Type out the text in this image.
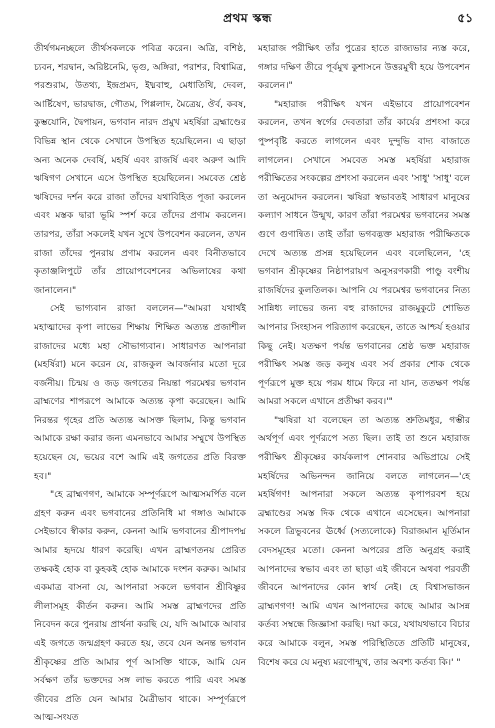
প্রথম স্কন্ধ	৫১

তীর্থগমনচ্ছলে তীর্থসকলকে পবিত্র করেন। অত্রি, বশিষ্ঠ, চ্যবন, শরদ্বান, অরিষ্টনেমি, ভৃগু, অঙ্গিরা, পরাশর, বিশ্বামিত্র, পরশুরাম, উতথ্য, ইন্দ্রপ্রমদ, ইধ্মবাহু, মেধাতিথি, দেবল, আর্ষ্টিষেণ, ভারদ্বাজ, গৌতম, পিপ্পলাদ, মৈত্রেয়, ঔর্ব, কবষ, কুম্ভযোনি, দ্বৈপায়ন, ভগবান নারদ প্রমুখ মহর্ষিরা ব্রহ্মাণ্ডের বিভিন্ন স্থান থেকে সেখানে উপস্থিত হয়েছিলেন। এ ছাড়া অন্য অনেক দেবর্ষি, মহর্ষি এবং রাজর্ষি এবং অরুণ আদি ঋষিগণ সেখানে এসে উপস্থিত হয়েছিলেন। সমবেত শ্রেষ্ঠ ঋষিদের দর্শন করে রাজা তাঁদের যথাবিহিত পূজা করলেন এবং মস্তক দ্বারা ভূমি স্পর্শ করে তাঁদের প্রণাম করলেন। তারপর, তাঁরা সকলেই যখন সুখে উপবেশন করলেন, তখন রাজা তাঁদের পুনরায় প্রণাম করলেন এবং বিনীতভাবে কৃতাঞ্জলিপুটে তাঁর প্রায়োপবেশনের অভিলাষের কথা জানালেন।"

সেই ভাগ্যবান রাজা বললেন—"আমরা যথার্থই মহাত্মাদের কৃপা লাভের শিক্ষায় শিক্ষিত অত্যন্ত প্রজাশীল রাজাদের মধ্যে মহা সৌভাগ্যবান। সাধারণত আপনারা (মহর্ষিরা) মনে করেন যে, রাজকুল আবর্জনার মতো দূরে বর্জনীয়। চিন্ময় ও জড় জগতের নিয়ন্তা পরমেশ্বর ভগবান ব্রাহ্মণের শাপরূপে আমাকে অত্যন্ত কৃপা করেছেন। আমি নিরন্তর গৃহের প্রতি অত্যন্ত আসক্ত ছিলাম, কিন্তু ভগবান আমাকে রক্ষা করার জন্য এমনভাবে আমার সম্মুখে উপস্থিত হয়েছেন যে, ভয়ের বশে আমি এই জগতের প্রতি বিরক্ত হব।"

"হে ব্রাহ্মণগণ, আমাকে সম্পূর্ণরূপে আত্মসমর্পিত বলে গ্রহণ করুন এবং ভগবানের প্রতিনিধি মা গঙ্গাও আমাকে সেইভাবে স্বীকার করুন, কেননা আমি ভগবানের শ্রীপাদপদ্ম আমার হৃদয়ে ধারণ করেছি। এখন ব্রাহ্মণতনয় প্রেরিত তক্ষকই হোক বা কুহকই হোক আমাকে দংশন করুক। আমার একমাত্র বাসনা যে, আপনারা সকলে ভগবান শ্রীবিষ্ণুর লীলাসমূহ কীর্তন করুন। আমি সমস্ত ব্রাহ্মণদের প্রতি নিবেদন করে পুনরায় প্রার্থনা করছি যে, যদি আমাকে আবার এই জগতে জন্মগ্রহণ করতে হয়, তবে যেন অনন্ত ভগবান শ্রীকৃষ্ণের প্রতি আমার পূর্ণ আসক্তি থাকে, আমি যেন সর্বক্ষণ তাঁর ভক্তদের সঙ্গ লাভ করতে পারি এবং সমস্ত জীবের প্রতি যেন আমার মৈত্রীভাব থাকে। সম্পূর্ণরূপে আত্ম-সংযত

মহারাজ পরীক্ষিৎ তাঁর পুত্রের হাতে রাজ্যভার ন্যস্ত করে, গঙ্গার দক্ষিণ তীরে পূর্বমুখ কুশাসনে উত্তরমুখী হয়ে উপবেশন করলেন।"

"মহারাজ পরীক্ষিৎ যখন এইভাবে প্রায়োপবেশন করলেন, তখন স্বর্গের দেবতারা তাঁর কার্যের প্রশংসা করে পুষ্পবৃষ্টি করতে লাগলেন এবং দুন্দুভি বাদ্য বাজাতে লাগলেন। সেখানে সমবেত সমস্ত মহর্ষিরা মহারাজ পরীক্ষিতের সংকল্পের প্রশংসা করলেন এবং 'সাধু' 'সাধু' বলে তা অনুমোদন করলেন। ঋষিরা স্বভাবতই সাধারণ মানুষের কল্যাণ সাধনে উন্মুখ, কারণ তাঁরা পরমেশ্বর ভগবানের সমস্ত গুণে গুণান্বিত। তাই তাঁরা ভগবদ্ভক্ত মহারাজ পরীক্ষিতকে দেখে অত্যন্ত প্রসন্ন হয়েছিলেন এবং বলেছিলেন, 'হে ভগবান শ্রীকৃষ্ণের নিষ্ঠাপরায়ণ অনুসরণকারী পাণ্ডু বংশীয় রাজর্ষিদের কুলতিলক। আপনি যে পরমেশ্বর ভগবানের নিত্য সান্নিধ্য লাভের জন্য বহু রাজাদের রাজমুকুটে শোভিত আপনার সিংহাসন পরিত্যাগ করেছেন, তাতে আশ্চর্য হওয়ার কিছু নেই। যতক্ষণ পর্যন্ত ভগবানের শ্রেষ্ঠ ভক্ত মহারাজ পরীক্ষিৎ সমস্ত জড় কলুষ এবং সর্ব প্রকার শোক থেকে পূর্ণরূপে মুক্ত হয়ে পরম ধামে ফিরে না যান, ততক্ষণ পর্যন্ত আমরা সকলে এখানে প্রতীক্ষা করব।'"

"ঋষিরা যা বলেছেন তা অত্যন্ত শ্রুতিমধুর, গম্ভীর অর্থপূর্ণ এবং পূর্ণরূপে সত্য ছিল। তাই তা শুনে মহারাজ পরীক্ষিৎ শ্রীকৃষ্ণের কার্যকলাপ শোনবার অভিপ্রায়ে সেই মহর্ষিদের অভিনন্দন জানিয়ে বলতে লাগলেন—'হে মহর্ষিগণ! আপনারা সকলে অত্যন্ত কৃপাপরবশ হয়ে ব্রহ্মাণ্ডের সমস্ত দিক থেকে এখানে এসেছেন। আপনারা সকলে ত্রিভুবনের ঊর্ধ্বে (সত্যলোকে) বিরাজমান মূর্তিমান বেদসমূহের মতো। কেননা অপরের প্রতি অনুগ্রহ করাই আপনাদের স্বভাব এবং তা ছাড়া এই জীবনে অথবা পরবর্তী জীবনে আপনাদের কোন স্বার্থ নেই। হে বিশ্বাসভাজন ব্রাহ্মণগণ! আমি এখন আপনাদের কাছে আমার আসন্ন কর্তব্য সম্বন্ধে জিজ্ঞাসা করছি। দয়া করে, যথাযথভাবে বিচার করে আমাকে বলুন, সমস্ত পরিস্থিতিতে প্রতিটি মানুষের, বিশেষ করে যে মনুষ্য মরণোন্মুখ, তার অবশ্য কর্তব্য কি।' "
